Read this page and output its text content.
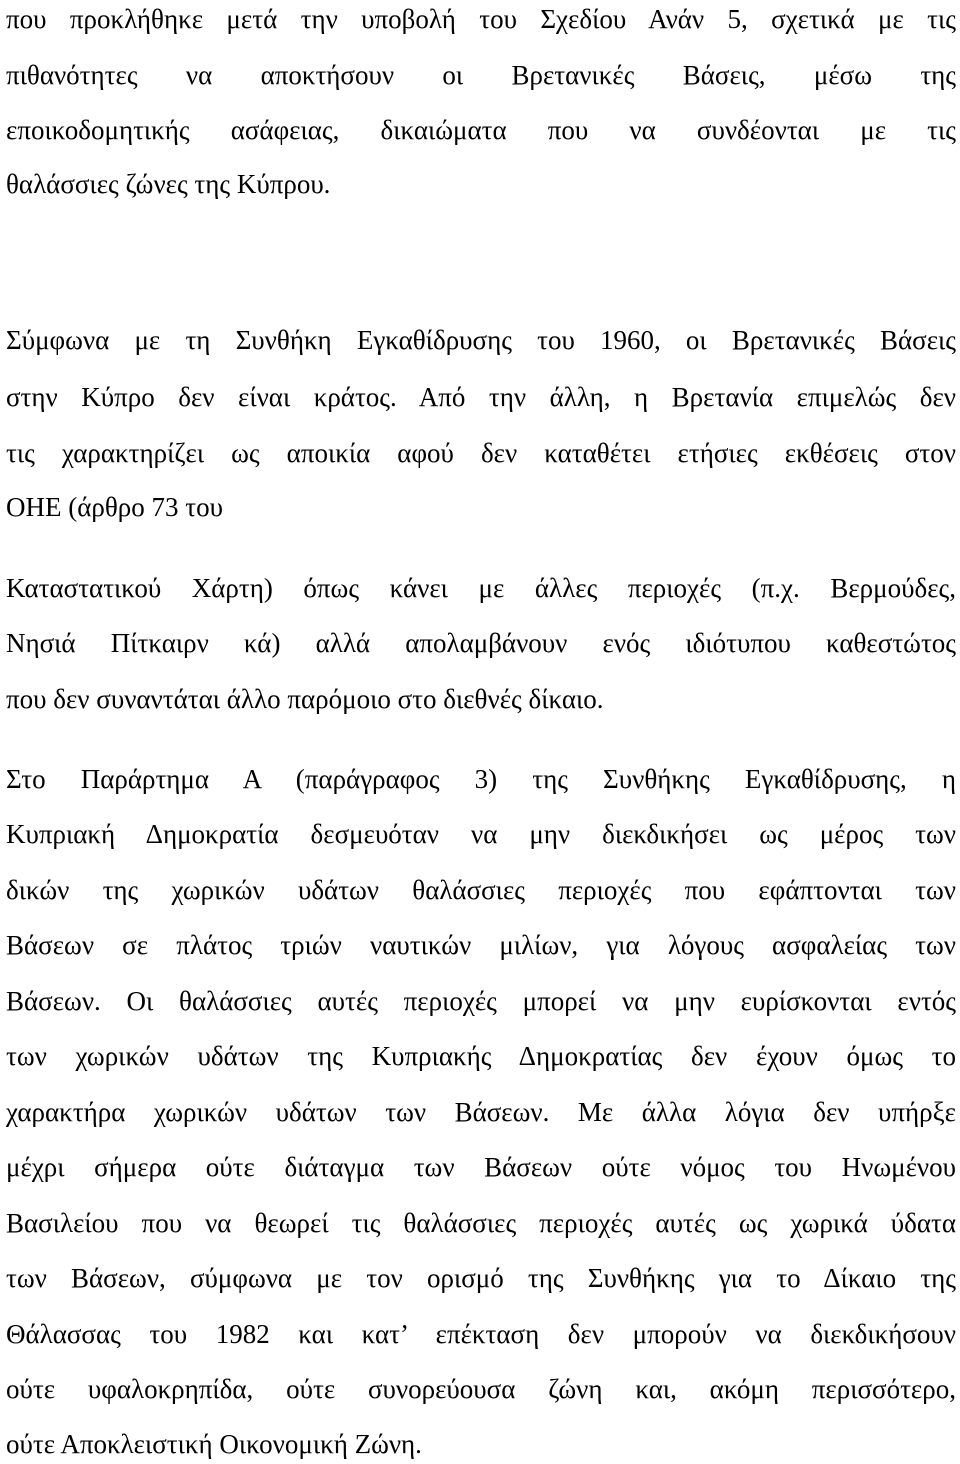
που προκλήθηκε μετά την υποβολή του Σχεδίου Ανάν 5, σχετικά με τις
πιθανότητες να αποκτήσουν οι Βρετανικές Βάσεις, μέσω της
εποικοδομητικής ασάφειας, δικαιώματα που να συνδέονται με τις
θαλάσσιες ζώνες της Κύπρου.
Σύμφωνα με τη Συνθήκη Εγκαθίδρυσης του 1960, οι Βρετανικές Βάσεις
στην Κύπρο δεν είναι κράτος. Από την άλλη, η Βρετανία επιμελώς δεν
τις χαρακτηρίζει ως αποικία αφού δεν καταθέτει ετήσιες εκθέσεις στον
ΟΗΕ (άρθρο 73 του
Καταστατικού Χάρτη) όπως κάνει με άλλες περιοχές (π.χ. Βερμούδες,
Νησιά Πίτκαιρν κά) αλλά απολαμβάνουν ενός ιδιότυπου καθεστώτος
που δεν συναντάται άλλο παρόμοιο στο διεθνές δίκαιο.
Στο Παράρτημα Α (παράγραφος 3) της Συνθήκης Εγκαθίδρυσης, η
Κυπριακή Δημοκρατία δεσμευόταν να μην διεκδικήσει ως μέρος των
δικών της χωρικών υδάτων θαλάσσιες περιοχές που εφάπτονται των
Βάσεων σε πλάτος τριών ναυτικών μιλίων, για λόγους ασφαλείας των
Βάσεων. Οι θαλάσσιες αυτές περιοχές μπορεί να μην ευρίσκονται εντός
των χωρικών υδάτων της Κυπριακής Δημοκρατίας δεν έχουν όμως το
χαρακτήρα χωρικών υδάτων των Βάσεων. Με άλλα λόγια δεν υπήρξε
μέχρι σήμερα ούτε διάταγμα των Βάσεων ούτε νόμος του Ηνωμένου
Βασιλείου που να θεωρεί τις θαλάσσιες περιοχές αυτές ως χωρικά ύδατα
των Βάσεων, σύμφωνα με τον ορισμό της Συνθήκης για το Δίκαιο της
Θάλασσας του 1982 και κατ’ επέκταση δεν μπορούν να διεκδικήσουν
ούτε υφαλοκρηπίδα, ούτε συνορεύουσα ζώνη και, ακόμη περισσότερο,
ούτε Αποκλειστική Οικονομική Ζώνη.
